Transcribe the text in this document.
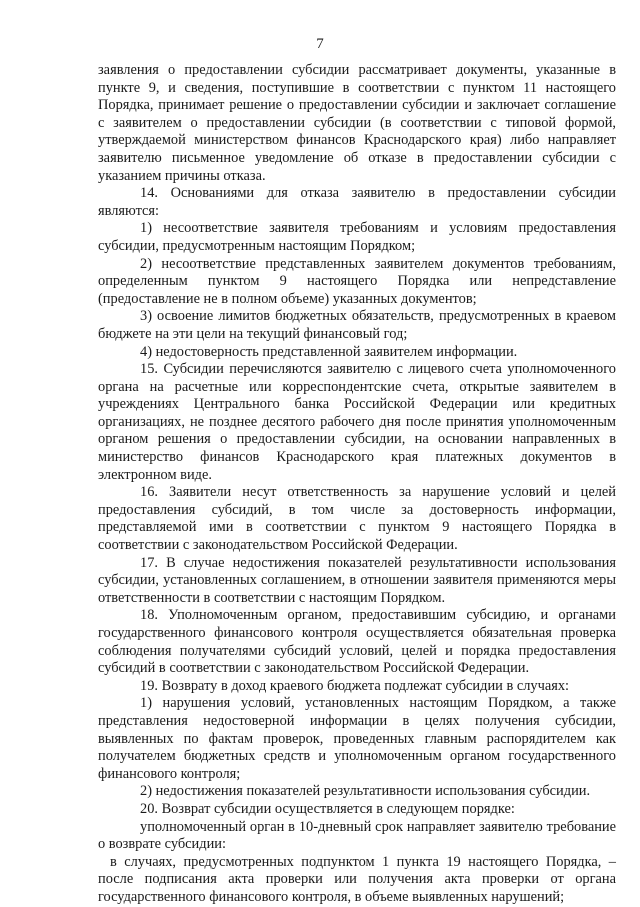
7

заявления о предоставлении субсидии рассматривает документы, указанные в пункте 9, и сведения, поступившие в соответствии с пунктом 11 настоящего Порядка, принимает решение о предоставлении субсидии и заключает соглашение с заявителем о предоставлении субсидии (в соответствии с типовой формой, утверждаемой министерством финансов Краснодарского края) либо направляет заявителю письменное уведомление об отказе в предоставлении субсидии с указанием причины отказа.

14. Основаниями для отказа заявителю в предоставлении субсидии являются:

1) несоответствие заявителя требованиям и условиям предоставления субсидии, предусмотренным настоящим Порядком;

2) несоответствие представленных заявителем документов требованиям, определенным пунктом 9 настоящего Порядка или непредставление (предоставление не в полном объеме) указанных документов;

3) освоение лимитов бюджетных обязательств, предусмотренных в краевом бюджете на эти цели на текущий финансовый год;

4) недостоверность представленной заявителем информации.

15. Субсидии перечисляются заявителю с лицевого счета уполномоченного органа на расчетные или корреспондентские счета, открытые заявителем в учреждениях Центрального банка Российской Федерации или кредитных организациях, не позднее десятого рабочего дня после принятия уполномоченным органом решения о предоставлении субсидии, на основании направленных в министерство финансов Краснодарского края платежных документов в электронном виде.

16. Заявители несут ответственность за нарушение условий и целей предоставления субсидий, в том числе за достоверность информации, представляемой ими в соответствии с пунктом 9 настоящего Порядка в соответствии с законодательством Российской Федерации.

17. В случае недостижения показателей результативности использования субсидии, установленных соглашением, в отношении заявителя применяются меры ответственности в соответствии с настоящим Порядком.

18. Уполномоченным органом, предоставившим субсидию, и органами государственного финансового контроля осуществляется обязательная проверка соблюдения получателями субсидий условий, целей и порядка предоставления субсидий в соответствии с законодательством Российской Федерации.

19. Возврату в доход краевого бюджета подлежат субсидии в случаях:

1) нарушения условий, установленных настоящим Порядком, а также представления недостоверной информации в целях получения субсидии, выявленных по фактам проверок, проведенных главным распорядителем как получателем бюджетных средств и уполномоченным органом государственного финансового контроля;

2) недостижения показателей результативности использования субсидии.

20. Возврат субсидии осуществляется в следующем порядке:

уполномоченный орган в 10-дневный срок направляет заявителю требование о возврате субсидии:

в случаях, предусмотренных подпунктом 1 пункта 19 настоящего Порядка, – после подписания акта проверки или получения акта проверки от органа государственного финансового контроля, в объеме выявленных нарушений;
